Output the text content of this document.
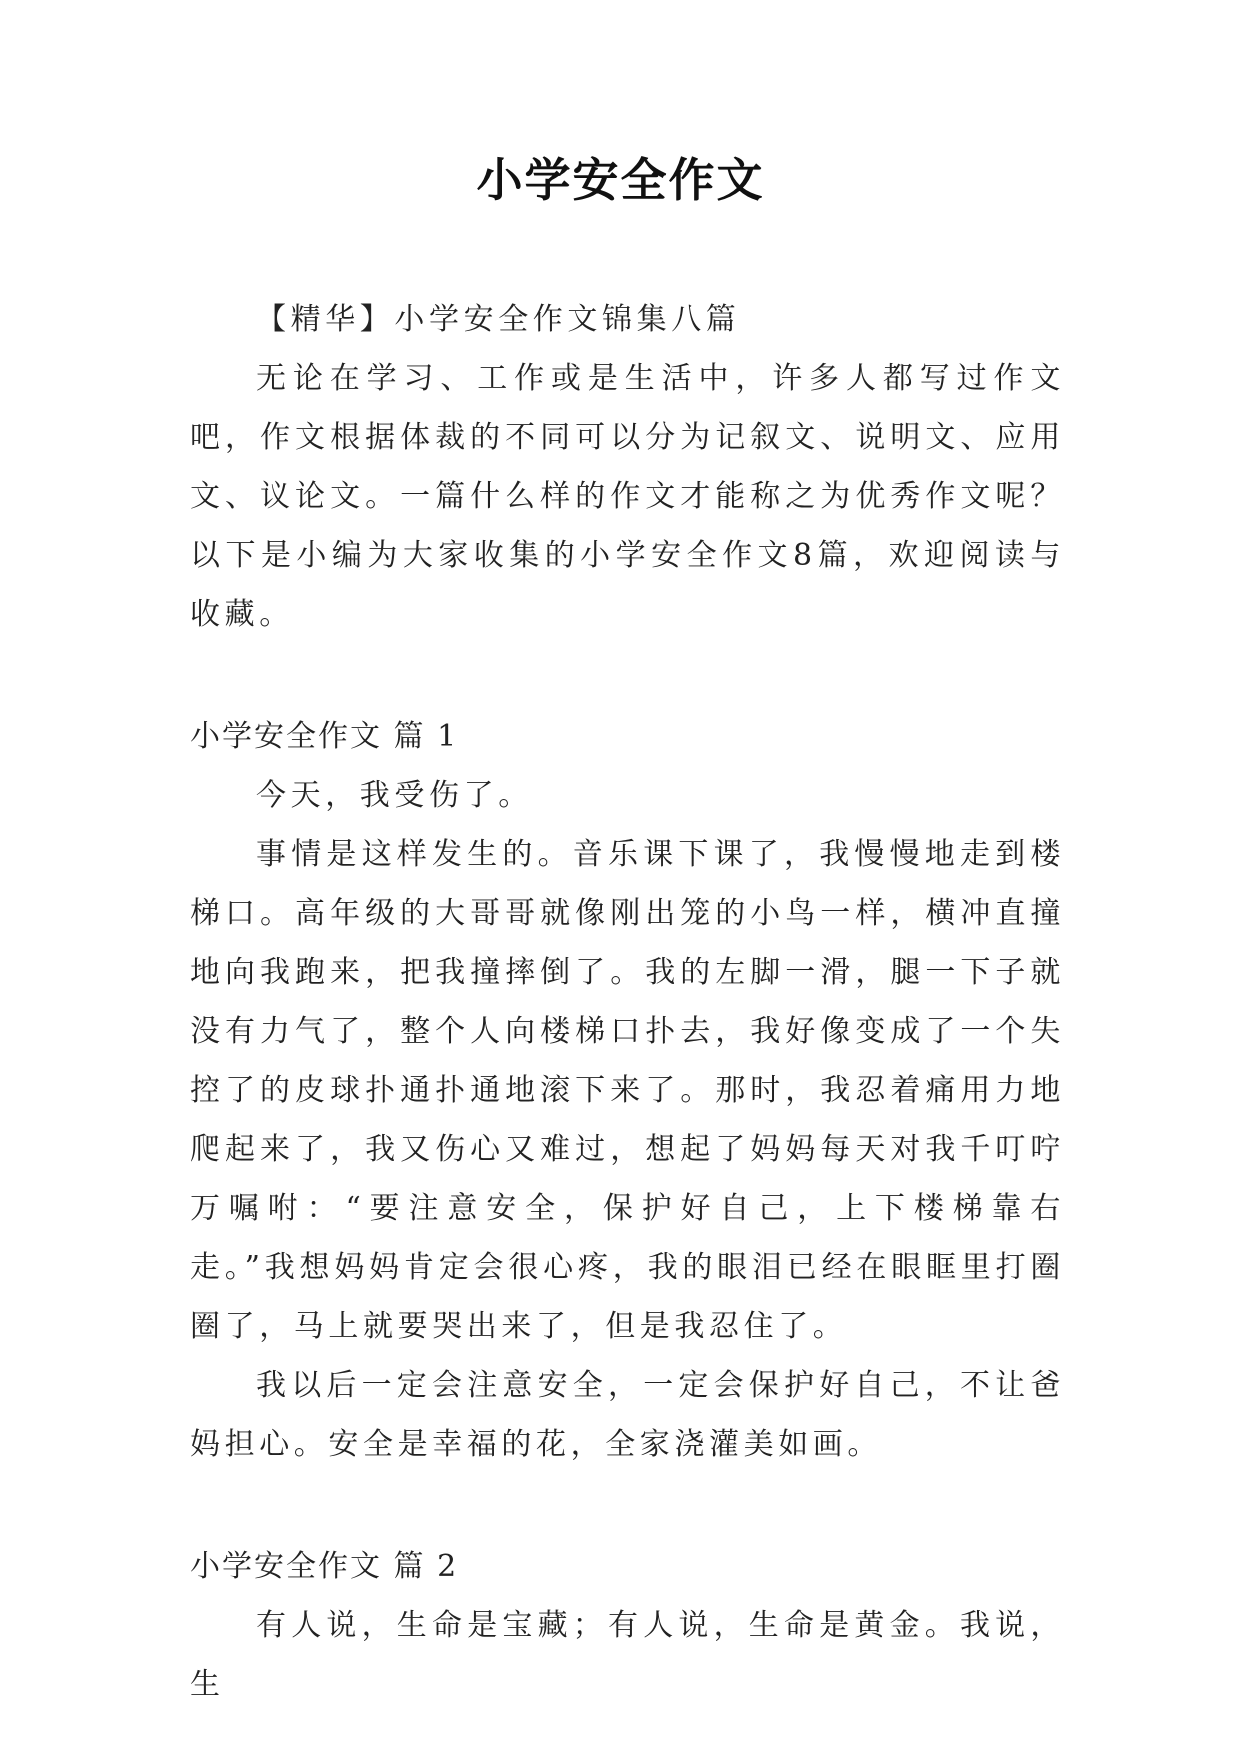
小学安全作文

【精华】小学安全作文锦集八篇

无论在学习、工作或是生活中，许多人都写过作文吧，作文根据体裁的不同可以分为记叙文、说明文、应用文、议论文。一篇什么样的作文才能称之为优秀作文呢？以下是小编为大家收集的小学安全作文8篇，欢迎阅读与收藏。

小学安全作文 篇 1

今天，我受伤了。

事情是这样发生的。音乐课下课了，我慢慢地走到楼梯口。高年级的大哥哥就像刚出笼的小鸟一样，横冲直撞地向我跑来，把我撞摔倒了。我的左脚一滑，腿一下子就没有力气了，整个人向楼梯口扑去，我好像变成了一个失控了的皮球扑通扑通地滚下来了。那时，我忍着痛用力地爬起来了，我又伤心又难过，想起了妈妈每天对我千叮咛万嘱咐：“要注意安全，保护好自己，上下楼梯靠右走。”我想妈妈肯定会很心疼，我的眼泪已经在眼眶里打圈圈了，马上就要哭出来了，但是我忍住了。

我以后一定会注意安全，一定会保护好自己，不让爸妈担心。安全是幸福的花，全家浇灌美如画。

小学安全作文 篇 2

有人说，生命是宝藏；有人说，生命是黄金。我说，生
